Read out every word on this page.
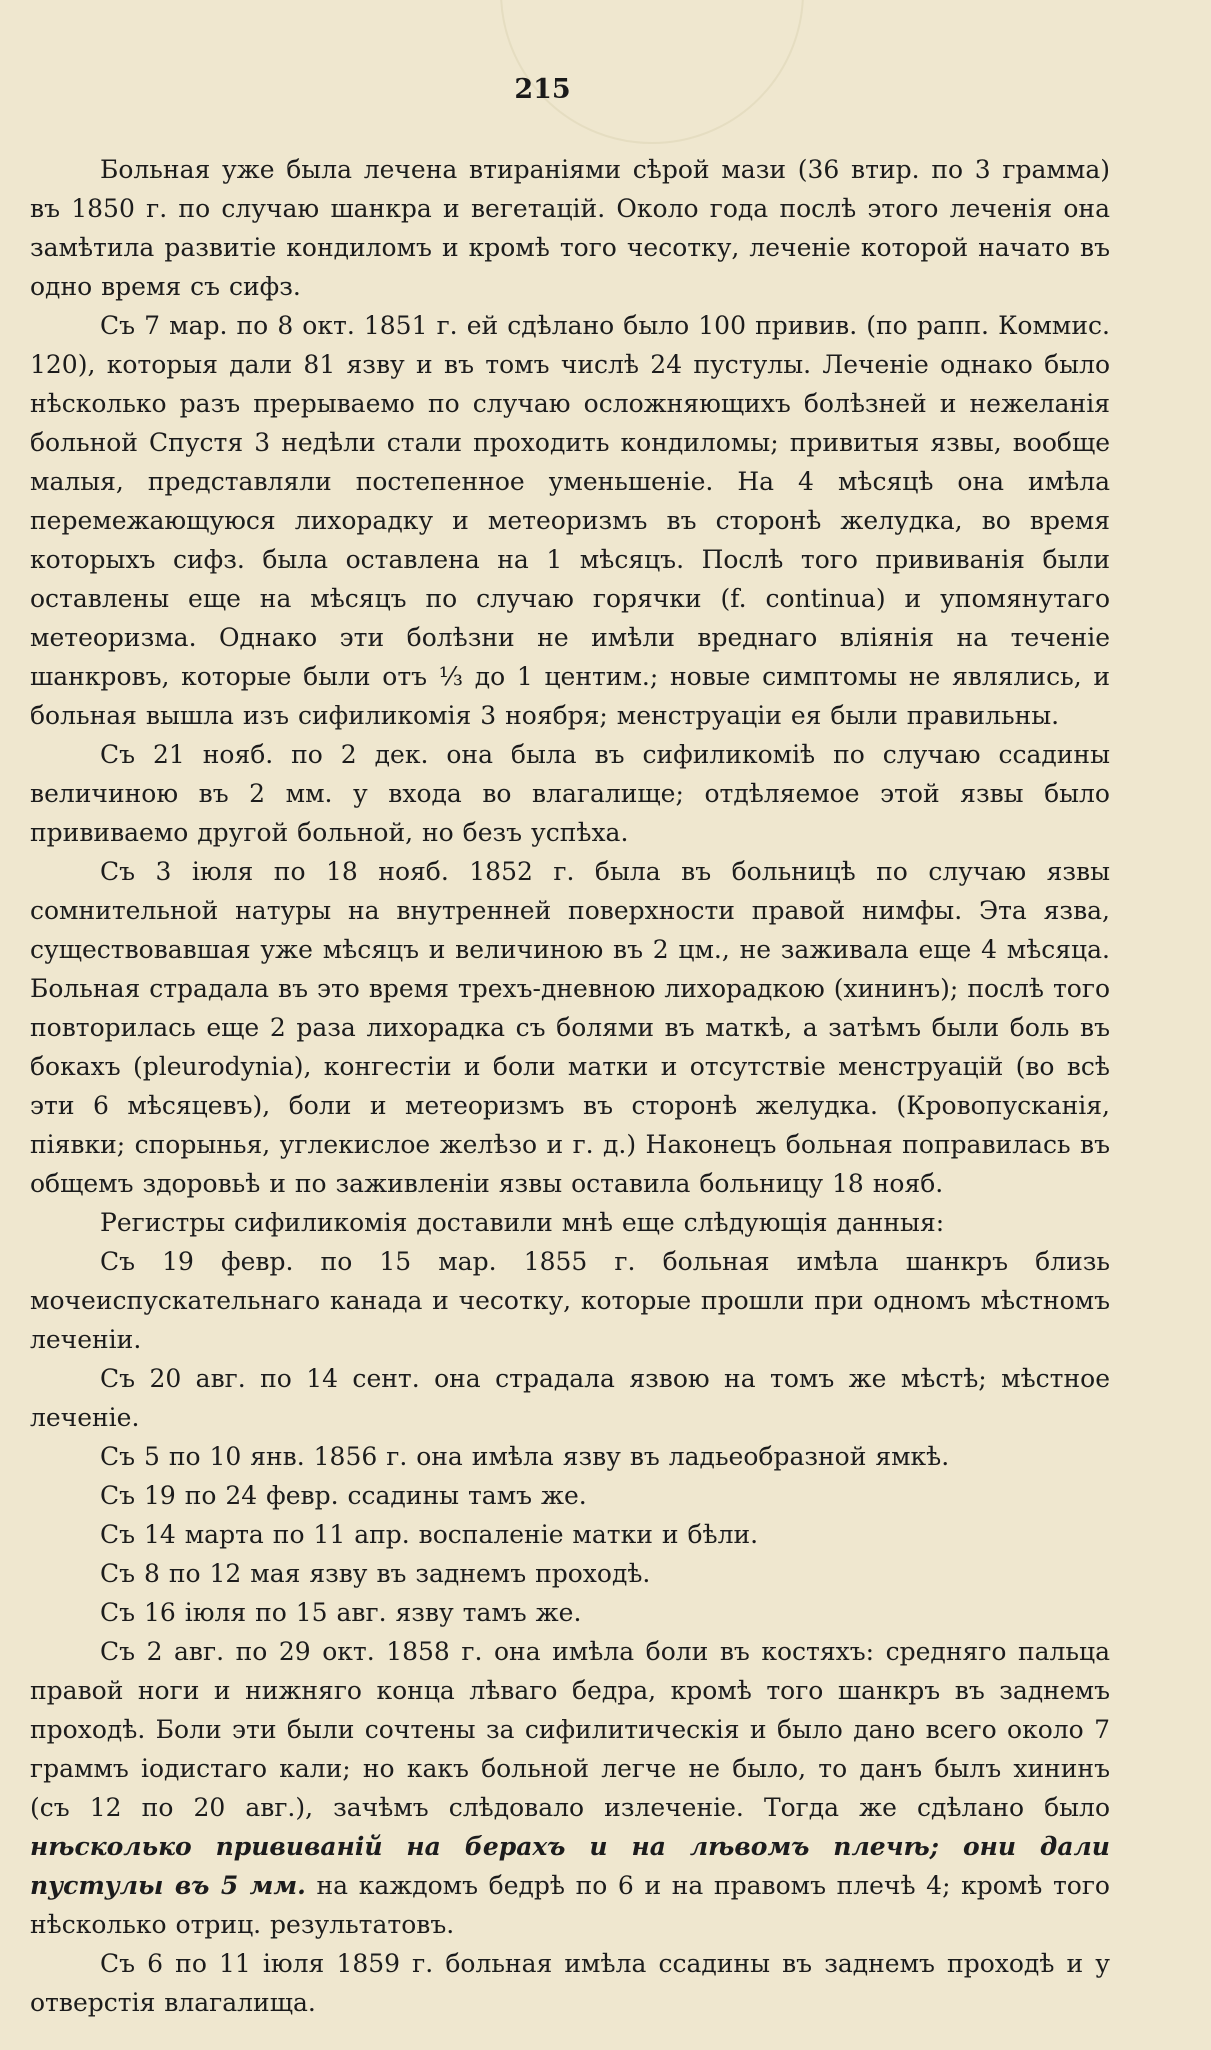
215

Больная уже была лечена втираніями сѣрой мази (36 втир. по 3 грамма) въ 1850 г. по случаю шанкра и вегетацій. Около года послѣ этого леченія она замѣтила развитіе кондиломъ и кромѣ того чесотку, леченіе которой начато въ одно время съ сифз.

Съ 7 мар. по 8 окт. 1851 г. ей сдѣлано было 100 привив. (по рапп. Коммис. 120), которыя дали 81 язву и въ томъ числѣ 24 пустулы. Леченіе однако было нѣсколько разъ прерываемо по случаю осложняющихъ болѣзней и нежеланія больной Спустя 3 недѣли стали проходить кондиломы; привитыя язвы, вообще малыя, представляли постепенное уменьшеніе. На 4 мѣсяцѣ она имѣла перемежающуюся лихорадку и метеоризмъ въ сторонѣ желудка, во время которыхъ сифз. была оставлена на 1 мѣсяцъ. Послѣ того прививанія были оставлены еще на мѣсяцъ по случаю горячки (f. continua) и упомянутаго метеоризма. Однако эти болѣзни не имѣли вреднаго вліянія на теченіе шанкровъ, которые были отъ ⅓ до 1 центим.; новые симптомы не являлись, и больная вышла изъ сифиликомія 3 ноября; менструаціи ея были правильны.

Съ 21 нояб. по 2 дек. она была въ сифиликомiѣ по случаю ссадины величиною въ 2 мм. у входа во влагалище; отдѣляемое этой язвы было прививаемо другой больной, но безъ успѣха.

Съ 3 іюля по 18 нояб. 1852 г. была въ больницѣ по случаю язвы сомнительной натуры на внутренней поверхности правой нимфы. Эта язва, существовавшая уже мѣсяцъ и величиною въ 2 цм., не заживала еще 4 мѣсяца. Больная страдала въ это время трехъ-дневною лихорадкою (хининъ); послѣ того повторилась еще 2 раза лихорадка съ болями въ маткѣ, а затѣмъ были боль въ бокахъ (pleurodynia), конгестіи и боли матки и отсутствіе менструацій (во всѣ эти 6 мѣсяцевъ), боли и метеоризмъ въ сторонѣ желудка. (Кровопусканія, піявки; спорынья, углекислое желѣзо и г. д.) Наконецъ больная поправилась въ общемъ здоровьѣ и по заживленіи язвы оставила больницу 18 нояб.

Регистры сифиликомія доставили мнѣ еще слѣдующія данныя:

Съ 19 февр. по 15 мар. 1855 г. больная имѣла шанкръ близь мочеиспускательнаго канада и чесотку, которые прошли при одномъ мѣстномъ леченіи.

Съ 20 авг. по 14 сент. она страдала язвою на томъ же мѣстѣ; мѣстное леченіе.

Съ 5 по 10 янв. 1856 г. она имѣла язву въ ладьеобразной ямкѣ.

Съ 19 по 24 февр. ссадины тамъ же.

Съ 14 марта по 11 апр. воспаленіе матки и бѣли.

Съ 8 по 12 мая язву въ заднемъ проходѣ.

Съ 16 іюля по 15 авг. язву тамъ же.

Съ 2 авг. по 29 окт. 1858 г. она имѣла боли въ костяхъ: средняго пальца правой ноги и нижняго конца лѣваго бедра, кромѣ того шанкръ въ заднемъ проходѣ. Боли эти были сочтены за сифилитическія и было дано всего около 7 граммъ іодистаго кали; но какъ больной легче не было, то данъ былъ хининъ (съ 12 по 20 авг.), зачѣмъ слѣдовало излеченіе. Тогда же сдѣлано было нѣсколько прививаній на берахъ и на лѣвомъ плечѣ; они дали пустулы въ 5 мм. на каждомъ бедрѣ по 6 и на правомъ плечѣ 4; кромѣ того нѣсколько отриц. результатовъ.

Съ 6 по 11 іюля 1859 г. больная имѣла ссадины въ заднемъ проходѣ и у отверстія влагалища.
